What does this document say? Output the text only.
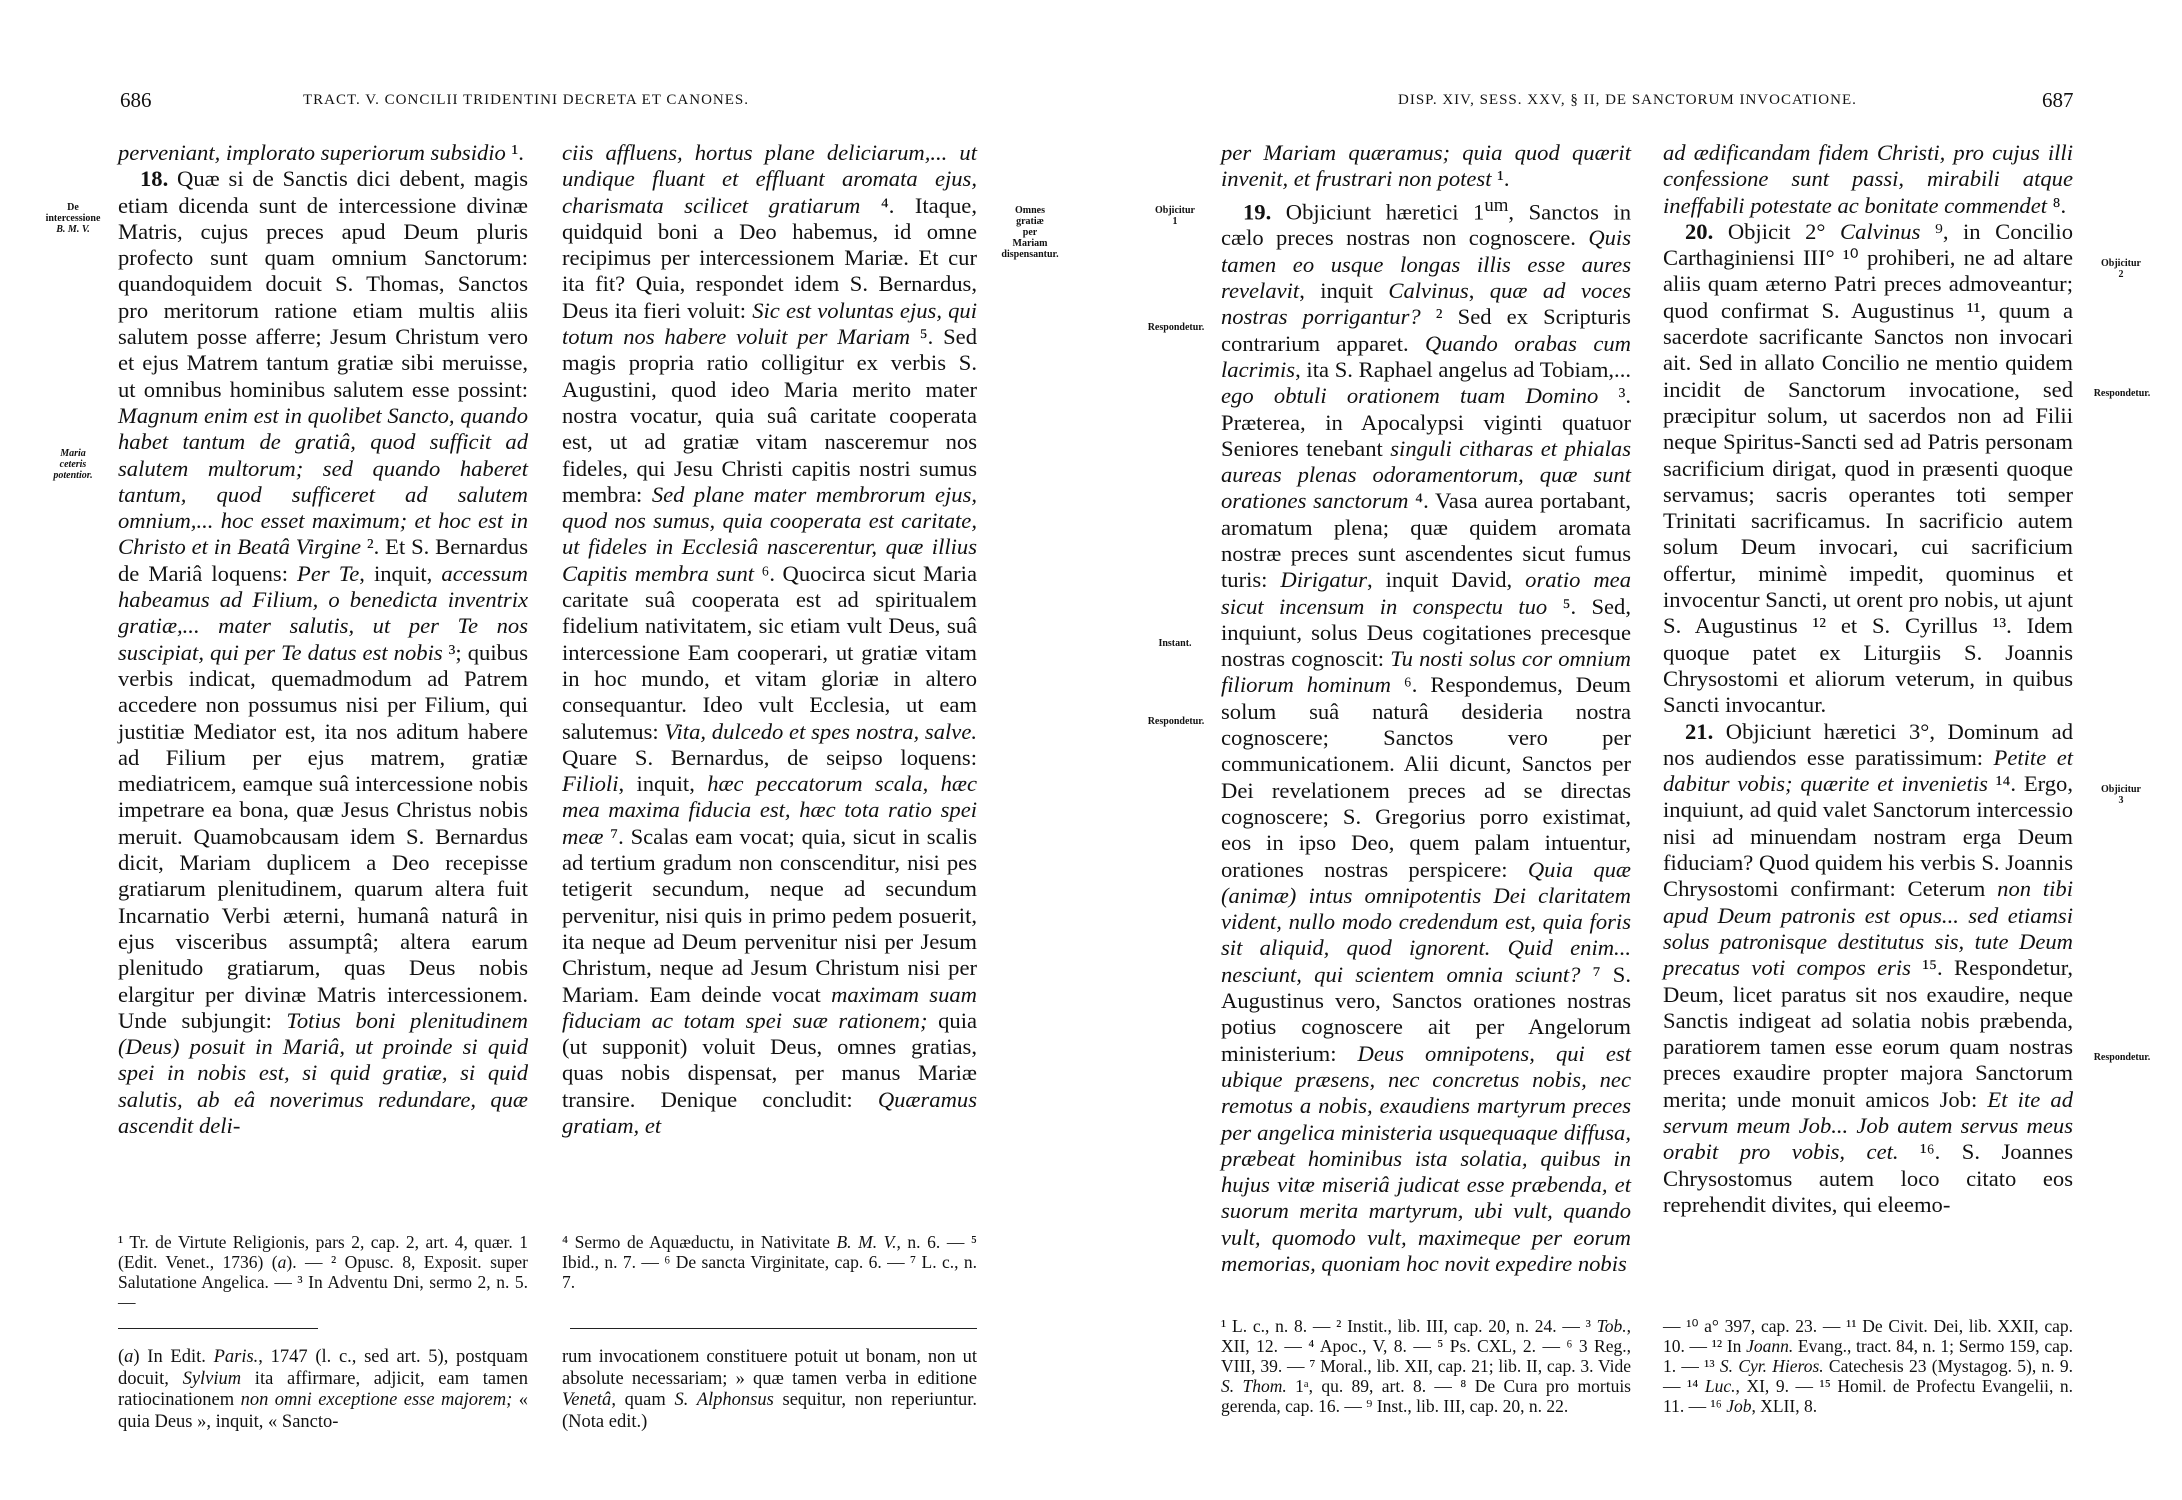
686	TRACT. V. CONCILII TRIDENTINI DECRETA ET CANONES.
De
intercessione
B. M. V.
Maria
ceteris
potentior.
Omnes
gratiæ
per
Mariam
dispensantur.

perveniant, implorato superiorum subsidio ¹.

18. Quæ si de Sanctis dici debent, magis etiam dicenda sunt de intercessione divinæ Matris, cujus preces apud Deum pluris profecto sunt quam omnium Sanctorum: quandoquidem docuit S. Thomas, Sanctos pro meritorum ratione etiam multis aliis salutem posse afferre; Jesum Christum vero et ejus Matrem tantum gratiæ sibi meruisse, ut omnibus hominibus salutem esse possint: Magnum enim est in quolibet Sancto, quando habet tantum de gratiâ, quod sufficit ad salutem multorum; sed quando haberet tantum, quod sufficeret ad salutem omnium,... hoc esset maximum; et hoc est in Christo et in Beatâ Virgine ². Et S. Bernardus de Mariâ loquens: Per Te, inquit, accessum habeamus ad Filium, o benedicta inventrix gratiæ,... mater salutis, ut per Te nos suscipiat, qui per Te datus est nobis ³; quibus verbis indicat, quemadmodum ad Patrem accedere non possumus nisi per Filium, qui justitiæ Mediator est, ita nos aditum habere ad Filium per ejus matrem, gratiæ mediatricem, eamque suâ intercessione nobis impetrare ea bona, quæ Jesus Christus nobis meruit. Quamobcausam idem S. Bernardus dicit, Mariam duplicem a Deo recepisse gratiarum plenitudinem, quarum altera fuit Incarnatio Verbi æterni, humanâ naturâ in ejus visceribus assumptâ; altera earum plenitudo gratiarum, quas Deus nobis elargitur per divinæ Matris intercessionem. Unde subjungit: Totius boni plenitudinem (Deus) posuit in Mariâ, ut proinde si quid spei in nobis est, si quid gratiæ, si quid salutis, ab eâ noverimus redundare, quæ ascendit deli-

ciis affluens, hortus plane deliciarum,... ut undique fluant et effluant aromata ejus, charismata scilicet gratiarum ⁴. Itaque, quidquid boni a Deo habemus, id omne recipimus per intercessionem Mariæ. Et cur ita fit? Quia, respondet idem S. Bernardus, Deus ita fieri voluit: Sic est voluntas ejus, qui totum nos habere voluit per Mariam ⁵. Sed magis propria ratio colligitur ex verbis S. Augustini, quod ideo Maria merito mater nostra vocatur, quia suâ caritate cooperata est, ut ad gratiæ vitam nasceremur nos fideles, qui Jesu Christi capitis nostri sumus membra: Sed plane mater membrorum ejus, quod nos sumus, quia cooperata est caritate, ut fideles in Ecclesiâ nascerentur, quæ illius Capitis membra sunt ⁶. Quocirca sicut Maria caritate suâ cooperata est ad spiritualem fidelium nativitatem, sic etiam vult Deus, suâ intercessione Eam cooperari, ut gratiæ vitam in hoc mundo, et vitam gloriæ in altero consequantur. Ideo vult Ecclesia, ut eam salutemus: Vita, dulcedo et spes nostra, salve. Quare S. Bernardus, de seipso loquens: Filioli, inquit, hæc peccatorum scala, hæc mea maxima fiducia est, hæc tota ratio spei meæ ⁷. Scalas eam vocat; quia, sicut in scalis ad tertium gradum non conscenditur, nisi pes tetigerit secundum, neque ad secundum pervenitur, nisi quis in primo pedem posuerit, ita neque ad Deum pervenitur nisi per Jesum Christum, neque ad Jesum Christum nisi per Mariam. Eam deinde vocat maximam suam fiduciam ac totam spei suæ rationem; quia (ut supponit) voluit Deus, omnes gratias, quas nobis dispensat, per manus Mariæ transire. Denique concludit: Quæramus gratiam, et

¹ Tr. de Virtute Religionis, pars 2, cap. 2, art. 4, quær. 1 (Edit. Venet., 1736) (a). — ² Opusc. 8, Exposit. super Salutatione Angelica. — ³ In Adventu Dni, sermo 2, n. 5. —

⁴ Sermo de Aquæductu, in Nativitate B. M. V., n. 6. — ⁵ Ibid., n. 7. — ⁶ De sancta Virginitate, cap. 6. — ⁷ L. c., n. 7.

(a) In Edit. Paris., 1747 (l. c., sed art. 5), postquam docuit, Sylvium ita affirmare, adjicit, eam tamen ratiocinationem non omni exceptione esse majorem; « quia Deus », inquit, « Sancto-

rum invocationem constituere potuit ut bonam, non ut absolute necessariam; » quæ tamen verba in editione Venetâ, quam S. Alphonsus sequitur, non reperiuntur. (Nota edit.)

DISP. XIV, SESS. XXV, § II, DE SANCTORUM INVOCATIONE.	687
Objicitur
1
Respondetur.
Instant.
Respondetur.
Objicitur
2
Respondetur.
Objicitur
3
Respondetur.

per Mariam quæramus; quia quod quærit invenit, et frustrari non potest ¹.

19. Objiciunt hæretici $1^{um}$, Sanctos in cælo preces nostras non cognoscere. Quis tamen eo usque longas illis esse aures revelavit, inquit Calvinus, quæ ad voces nostras porrigantur? ² Sed ex Scripturis contrarium apparet. Quando orabas cum lacrimis, ita S. Raphael angelus ad Tobiam,... ego obtuli orationem tuam Domino ³. Præterea, in Apocalypsi viginti quatuor Seniores tenebant singuli citharas et phialas aureas plenas odoramentorum, quæ sunt orationes sanctorum ⁴. Vasa aurea portabant, aromatum plena; quæ quidem aromata nostræ preces sunt ascendentes sicut fumus turis: Dirigatur, inquit David, oratio mea sicut incensum in conspectu tuo ⁵. Sed, inquiunt, solus Deus cogitationes precesque nostras cognoscit: Tu nosti solus cor omnium filiorum hominum ⁶. Respondemus, Deum solum suâ naturâ desideria nostra cognoscere; Sanctos vero per communicationem. Alii dicunt, Sanctos per Dei revelationem preces ad se directas cognoscere; S. Gregorius porro existimat, eos in ipso Deo, quem palam intuentur, orationes nostras perspicere: Quia quæ (animæ) intus omnipotentis Dei claritatem vident, nullo modo credendum est, quia foris sit aliquid, quod ignorent. Quid enim... nesciunt, qui scientem omnia sciunt? ⁷ S. Augustinus vero, Sanctos orationes nostras potius cognoscere ait per Angelorum ministerium: Deus omnipotens, qui est ubique præsens, nec concretus nobis, nec remotus a nobis, exaudiens martyrum preces per angelica ministeria usquequaque diffusa, præbeat hominibus ista solatia, quibus in hujus vitæ miseriâ judicat esse præbenda, et suorum merita martyrum, ubi vult, quando vult, quomodo vult, maximeque per eorum memorias, quoniam hoc novit expedire nobis

ad ædificandam fidem Christi, pro cujus illi confessione sunt passi, mirabili atque ineffabili potestate ac bonitate commendet ⁸.

20. Objicit 2° Calvinus ⁹, in Concilio Carthaginiensi III° ¹⁰ prohiberi, ne ad altare aliis quam æterno Patri preces admoveantur; quod confirmat S. Augustinus ¹¹, quum a sacerdote sacrificante Sanctos non invocari ait. Sed in allato Concilio ne mentio quidem incidit de Sanctorum invocatione, sed præcipitur solum, ut sacerdos non ad Filii neque Spiritus-Sancti sed ad Patris personam sacrificium dirigat, quod in præsenti quoque servamus; sacris operantes toti semper Trinitati sacrificamus. In sacrificio autem solum Deum invocari, cui sacrificium offertur, minimè impedit, quominus et invocentur Sancti, ut orent pro nobis, ut ajunt S. Augustinus ¹² et S. Cyrillus ¹³. Idem quoque patet ex Liturgiis S. Joannis Chrysostomi et aliorum veterum, in quibus Sancti invocantur.

21. Objiciunt hæretici 3°, Dominum ad nos audiendos esse paratissimum: Petite et dabitur vobis; quærite et invenietis ¹⁴. Ergo, inquiunt, ad quid valet Sanctorum intercessio nisi ad minuendam nostram erga Deum fiduciam? Quod quidem his verbis S. Joannis Chrysostomi confirmant: Ceterum non tibi apud Deum patronis est opus... sed etiamsi solus patronisque destitutus sis, tute Deum precatus voti compos eris ¹⁵. Respondetur, Deum, licet paratus sit nos exaudire, neque Sanctis indigeat ad solatia nobis præbenda, paratiorem tamen esse eorum quam nostras preces exaudire propter majora Sanctorum merita; unde monuit amicos Job: Et ite ad servum meum Job... Job autem servus meus orabit pro vobis, cet. ¹⁶. S. Joannes Chrysostomus autem loco citato eos reprehendit divites, qui eleemo-

¹ L. c., n. 8. — ² Instit., lib. III, cap. 20, n. 24. — ³ Tob., XII, 12. — ⁴ Apoc., V, 8. — ⁵ Ps. CXL, 2. — ⁶ 3 Reg., VIII, 39. — ⁷ Moral., lib. XII, cap. 21; lib. II, cap. 3. Vide S. Thom. 1ᵃ, qu. 89, art. 8. — ⁸ De Cura pro mortuis gerenda, cap. 16. — ⁹ Inst., lib. III, cap. 20, n. 22.

— ¹⁰ a° 397, cap. 23. — ¹¹ De Civit. Dei, lib. XXII, cap. 10. — ¹² In Joann. Evang., tract. 84, n. 1; Sermo 159, cap. 1. — ¹³ S. Cyr. Hieros. Catechesis 23 (Mystagog. 5), n. 9. — ¹⁴ Luc., XI, 9. — ¹⁵ Homil. de Profectu Evangelii, n. 11. — ¹⁶ Job, XLII, 8.
